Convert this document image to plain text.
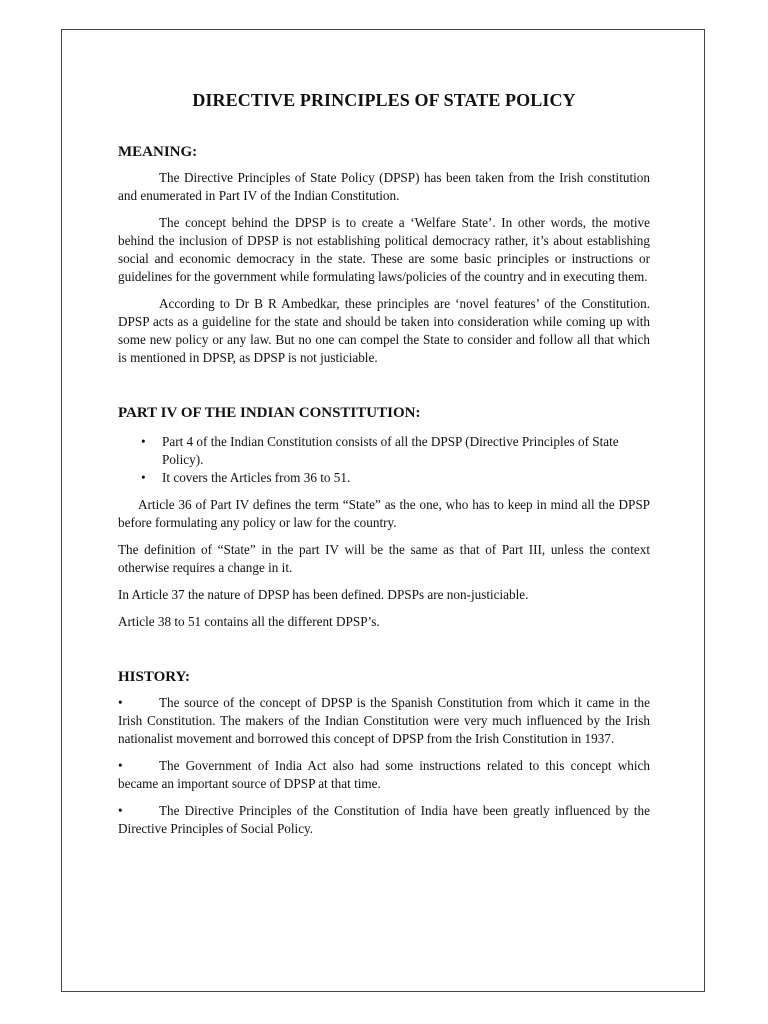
DIRECTIVE PRINCIPLES OF STATE POLICY
MEANING:

The Directive Principles of State Policy (DPSP) has been taken from the Irish constitution and enumerated in Part IV of the Indian Constitution.

The concept behind the DPSP is to create a ‘Welfare State’. In other words, the motive behind the inclusion of DPSP is not establishing political democracy rather, it’s about establishing social and economic democracy in the state. These are some basic principles or instructions or guidelines for the government while formulating laws/policies of the country and in executing them.

According to Dr B R Ambedkar, these principles are ‘novel features’ of the Constitution. DPSP acts as a guideline for the state and should be taken into consideration while coming up with some new policy or any law. But no one can compel the State to consider and follow all that which is mentioned in DPSP, as DPSP is not justiciable.

PART IV OF THE INDIAN CONSTITUTION:
• Part 4 of the Indian Constitution consists of all the DPSP (Directive Principles of State Policy).
• It covers the Articles from 36 to 51.

Article 36 of Part IV defines the term “State” as the one, who has to keep in mind all the DPSP before formulating any policy or law for the country.

The definition of “State” in the part IV will be the same as that of Part III, unless the context otherwise requires a change in it.

In Article 37 the nature of DPSP has been defined. DPSPs are non-justiciable.

Article 38 to 51 contains all the different DPSP’s.

HISTORY:

•	The source of the concept of DPSP is the Spanish Constitution from which it came in the Irish Constitution. The makers of the Indian Constitution were very much influenced by the Irish nationalist movement and borrowed this concept of DPSP from the Irish Constitution in 1937.

•	The Government of India Act also had some instructions related to this concept which became an important source of DPSP at that time.

•	The Directive Principles of the Constitution of India have been greatly influenced by the Directive Principles of Social Policy.
